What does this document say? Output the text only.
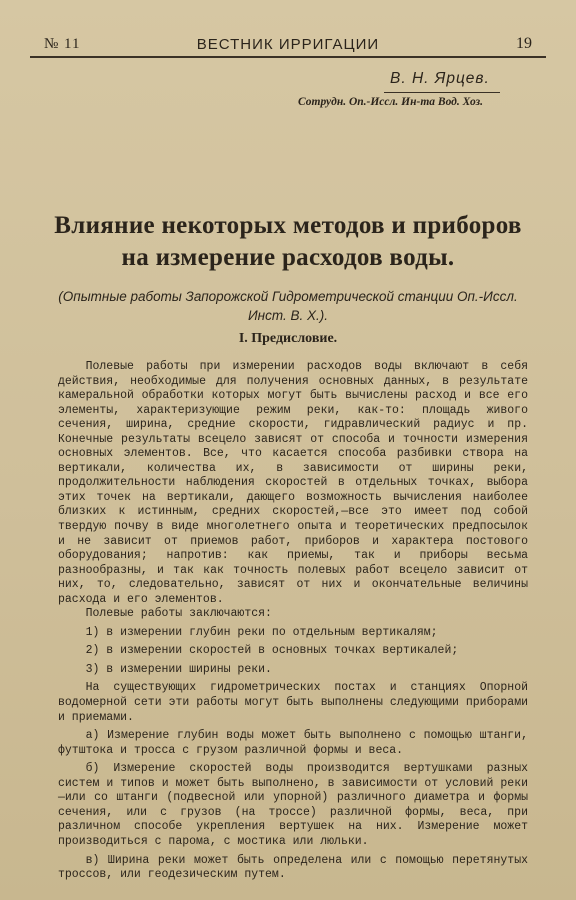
№ 11	ВЕСТНИК ИРРИГАЦИИ	19
В. Н. Ярцев.
Сотрудн. Оп.-Иссл. Ин-та Вод. Хоз.
Влияние некоторых методов и приборов
на измерение расходов воды.

(Опытные работы Запорожской Гидрометрической станции Оп.-Иссл.
Инст. В. Х.).

I. Предисловие.

Полевые работы при измерении расходов воды включают в себя действия, необходимые для получения основных данных, в результате камеральной обработки которых могут быть вычислены расход и все его элементы, характеризующие режим реки, как-то: площадь живого сечения, ширина, средние скорости, гидравлический радиус и пр. Конечные результаты всецело зависят от способа и точности измерения основных элементов. Все, что касается способа разбивки створа на вертикали, количества их, в зависимости от ширины реки, продолжительности наблюдения скоростей в отдельных точках, выбора этих точек на вертикали, дающего возможность вычисления наиболее близких к истинным, средних скоростей,—все это имеет под собой твердую почву в виде многолетнего опыта и теоретических предпосылок и не зависит от приемов работ, приборов и характера постового оборудования; напротив: как приемы, так и приборы весьма разнообразны, и так как точность полевых работ всецело зависит от них, то, следовательно, зависят от них и окончательные величины расхода и его элементов.

Полевые работы заключаются:

1) в измерении глубин реки по отдельным вертикалям;

2) в измерении скоростей в основных точках вертикалей;

3) в измерении ширины реки.

На существующих гидрометрических постах и станциях Опорной водомерной сети эти работы могут быть выполнены следующими приборами и приемами.

а) Измерение глубин воды может быть выполнено с помощью штанги, футштока и тросса с грузом различной формы и веса.

б) Измерение скоростей воды производится вертушками разных систем и типов и может быть выполнено, в зависимости от условий реки—или со штанги (подвесной или упорной) различного диаметра и формы сечения, или с грузов (на троссе) различной формы, веса, при различном способе укрепления вертушек на них. Измерение может производиться с парома, с мостика или люльки.

в) Ширина реки может быть определена или с помощью перетянутых троссов, или геодезическим путем.
